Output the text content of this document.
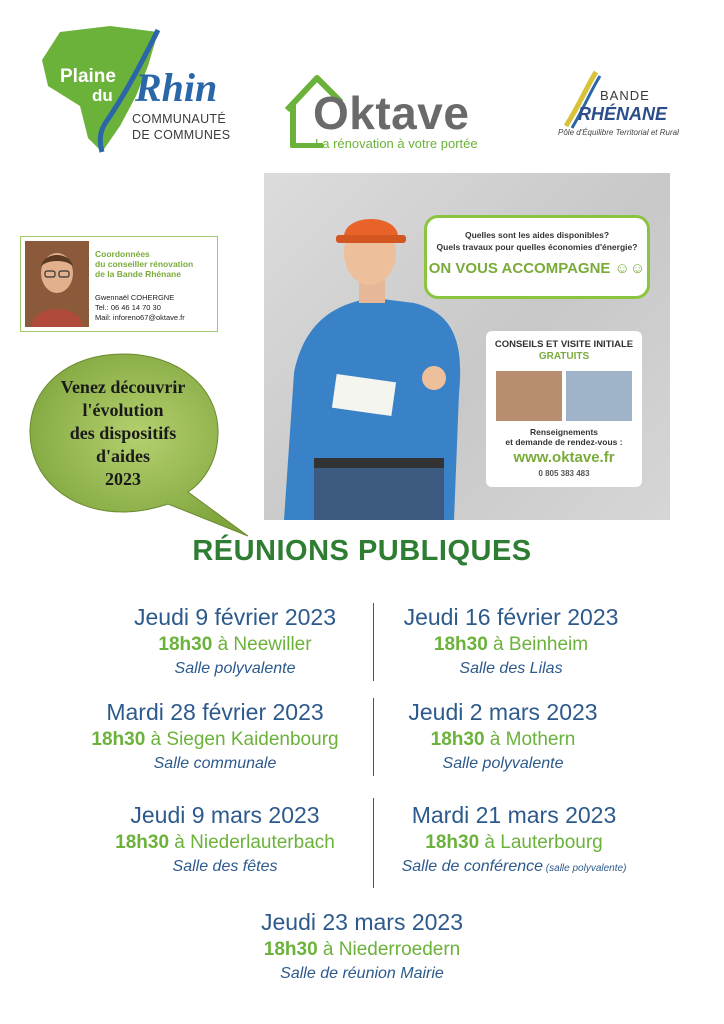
Plaine
du Rhin
COMMUNAUTÉ
DE COMMUNES Oktave
La rénovation à votre portée
BANDE
RHÉNANE
Pôle d'Équilibre Territorial et Rural
Coordonnées
du conseiller rénovation
de la Bande Rhénane
Gwennaël COHERGNE
Tel.: 06 46 14 70 30
Mail: inforeno67@oktave.fr
Venez découvrir
l'évolution
des dispositifs
d'aides
2023
Quelles sont les aides disponibles?
Quels travaux pour quelles économies d'énergie?
ON VOUS ACCOMPAGNE ☺☺
CONSEILS ET VISITE INITIALE
GRATUITS
Renseignements
et demande de rendez-vous :
www.oktave.fr
0 805 383 483
RÉUNIONS PUBLIQUES
Jeudi 9 février 2023
18h30 à Neewiller
Salle polyvalente
Jeudi 16 février 2023
18h30 à Beinheim
Salle des Lilas
Mardi 28 février 2023
18h30 à Siegen Kaidenbourg
Salle communale
Jeudi 2 mars 2023
18h30 à Mothern
Salle polyvalente
Jeudi 9 mars 2023
18h30 à Niederlauterbach
Salle des fêtes
Mardi 21 mars 2023
18h30 à Lauterbourg
Salle de conférence (salle polyvalente)
Jeudi 23 mars 2023
18h30 à Niederroedern
Salle de réunion Mairie
